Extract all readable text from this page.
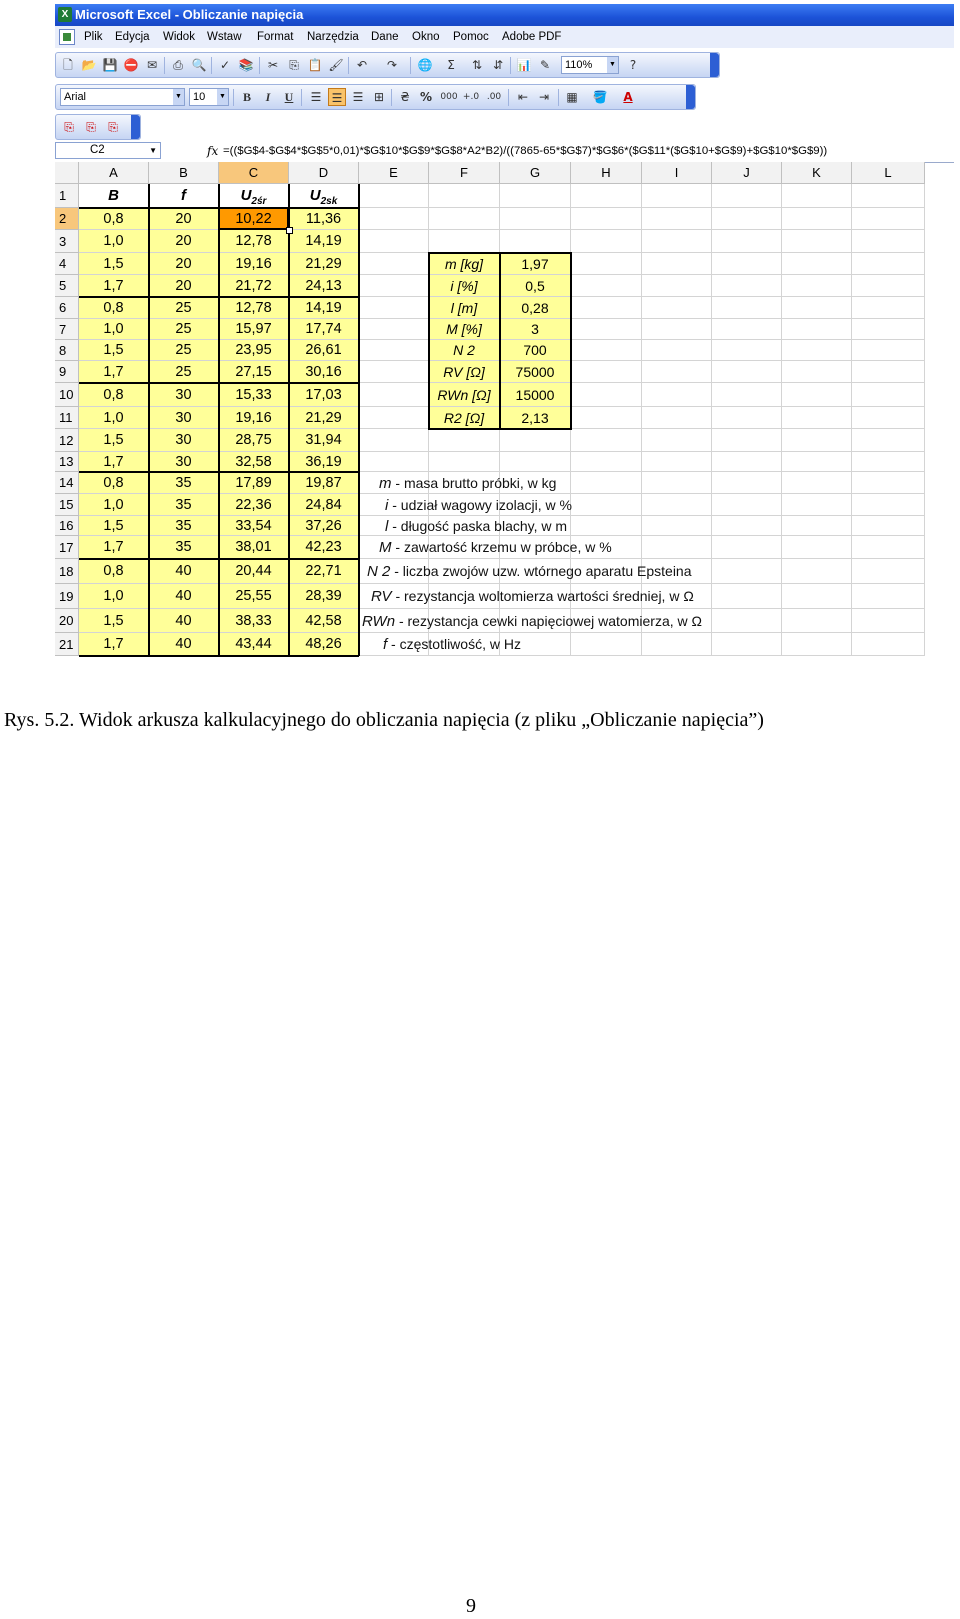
X Microsoft Excel - Obliczanie napięcia
Plik Edycja Widok Wstaw Format Narzędzia Dane Okno Pomoc Adobe PDF
🗋 📂 💾 ⛔ ✉	⎙ 🔍	✓ 📚	✂ ⎘ 📋 🖌	↶	↷	🌐	Σ	⇅ ⇵	📊 ✎	110% ▼	?
Arial	▼	10 ▼	B	I	U	☰ ☰ ☰ ⊞	₴ % 000 +.0 .00	⇤ ⇥	▦ 🪣	A
⎘	⎘	⎘
C2	▼	fx =(($G$4-$G$4*$G$5*0,01)*$G$10*$G$9*$G$8*A2*B2)/((7865-65*$G$7)*$G$6*($G$11*($G$10+$G$9)+$G$10*$G$9))
A	B	C	D	E	F	G	H	I	J	K	L
1
2
3
4
5
6
7
8
9
10
11
12
13
14
15
16
17
18
19
20
21
B	f	$U_{2śr}$	$U_{2sk}$
0,8	20	10,22	11,36
1,0	20	12,78	14,19
1,5	20	19,16	21,29
1,7	20	21,72	24,13
0,8	25	12,78	14,19
1,0	25	15,97	17,74
1,5	25	23,95	26,61
1,7	25	27,15	30,16
0,8	30	15,33	17,03
1,0	30	19,16	21,29
1,5	30	28,75	31,94
1,7	30	32,58	36,19
0,8	35	17,89	19,87
1,0	35	22,36	24,84
1,5	35	33,54	37,26
1,7	35	38,01	42,23
0,8	40	20,44	22,71
1,0	40	25,55	28,39
1,5	40	38,33	42,58
1,7	40	43,44	48,26
m [kg]	1,97
i [%]	0,5
l [m]	0,28
M [%]	3
N 2	700
RV [Ω]	75000
RWn [Ω]	15000
R2 [Ω]	2,13
m - masa brutto próbki, w kg
i - udział wagowy izolacji, w %
l - długość paska blachy, w m
M - zawartość krzemu w próbce, w %
N 2 - liczba zwojów uzw. wtórnego aparatu Epsteina
RV - rezystancja woltomierza wartości średniej, w Ω
RWn - rezystancja cewki napięciowej watomierza, w Ω
f - częstotliwość, w Hz
Rys. 5.2. Widok arkusza kalkulacyjnego do obliczania napięcia (z pliku „Obliczanie napięcia”)
9
